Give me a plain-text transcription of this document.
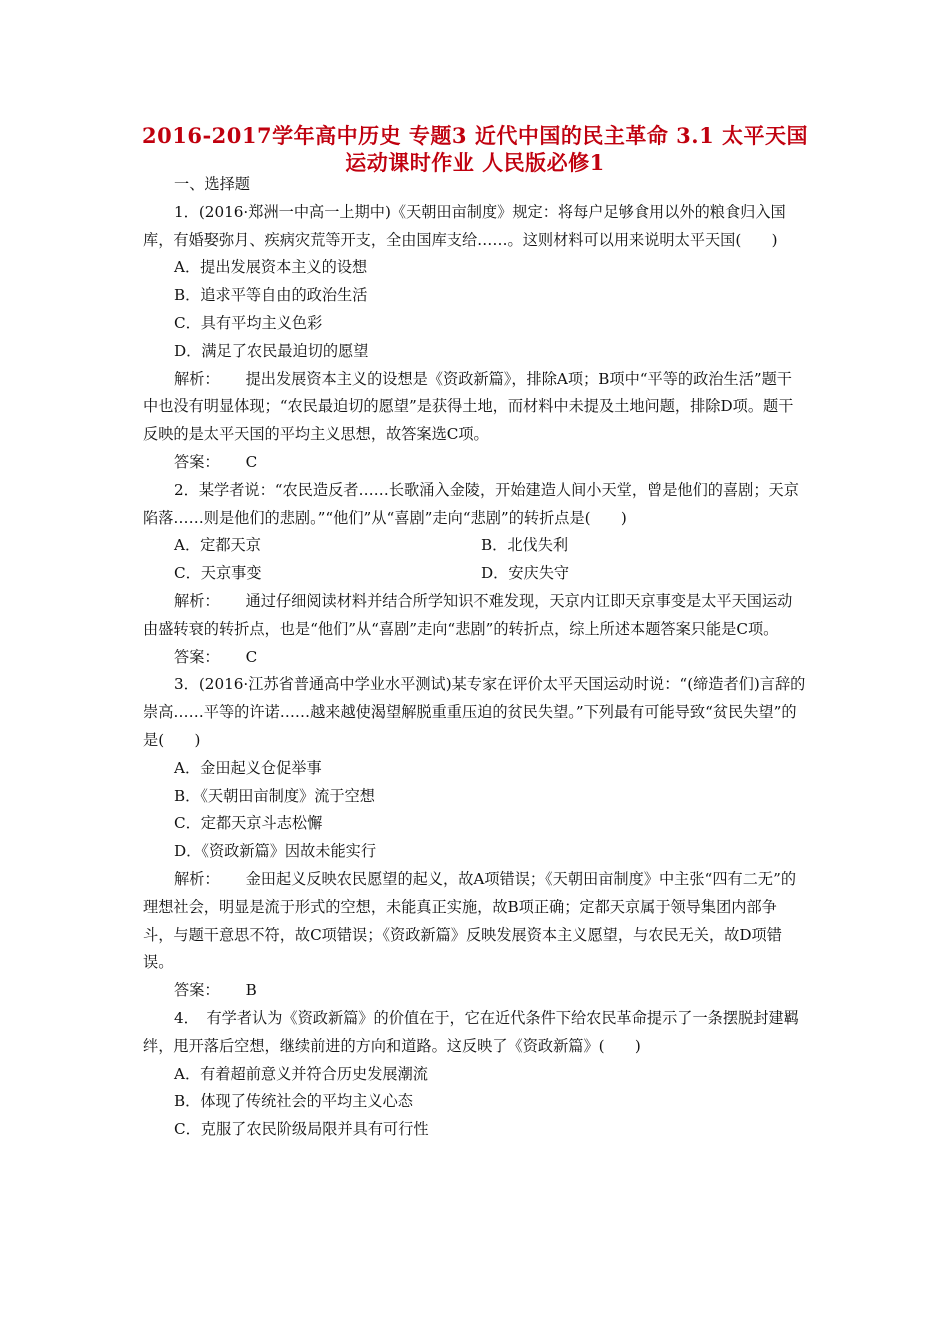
2016-2017学年高中历史 专题3 近代中国的民主革命 3.1 太平天国运动课时作业 人民版必修1

一、选择题

1．(2016·郑洲一中高一上期中)《天朝田亩制度》规定：将每户足够食用以外的粮食归入国库，有婚娶弥月、疾病灾荒等开支，全由国库支给……。这则材料可以用来说明太平天国(　　)

A．提出发展资本主义的设想

B．追求平等自由的政治生活

C．具有平均主义色彩

D．满足了农民最迫切的愿望

解析： 提出发展资本主义的设想是《资政新篇》，排除A项；B项中“平等的政治生活”题干中也没有明显体现；“农民最迫切的愿望”是获得土地，而材料中未提及土地问题，排除D项。题干反映的是太平天国的平均主义思想，故答案选C项。

答案： C

2．某学者说：“农民造反者……长歌涌入金陵，开始建造人间小天堂，曾是他们的喜剧；天京陷落……则是他们的悲剧。”“他们”从“喜剧”走向“悲剧”的转折点是(　　)

A．定都天京	B．北伐失利
C．天京事变	D．安庆失守

解析： 通过仔细阅读材料并结合所学知识不难发现，天京内讧即天京事变是太平天国运动由盛转衰的转折点，也是“他们”从“喜剧”走向“悲剧”的转折点，综上所述本题答案只能是C项。

答案： C

3．(2016·江苏省普通高中学业水平测试)某专家在评价太平天国运动时说：“(缔造者们)言辞的崇高……平等的许诺……越来越使渴望解脱重重压迫的贫民失望。”下列最有可能导致“贫民失望”的是(　　)

A．金田起义仓促举事

B．《天朝田亩制度》流于空想

C．定都天京斗志松懈

D．《资政新篇》因故未能实行

解析： 金田起义反映农民愿望的起义，故A项错误；《天朝田亩制度》中主张“四有二无”的理想社会，明显是流于形式的空想，未能真正实施，故B项正确；定都天京属于领导集团内部争斗，与题干意思不符，故C项错误；《资政新篇》反映发展资本主义愿望，与农民无关，故D项错误。

答案： B

4．　有学者认为《资政新篇》的价值在于，它在近代条件下给农民革命提示了一条摆脱封建羁绊，甩开落后空想，继续前进的方向和道路。这反映了《资政新篇》(　　)

A．有着超前意义并符合历史发展潮流

B．体现了传统社会的平均主义心态

C．克服了农民阶级局限并具有可行性
